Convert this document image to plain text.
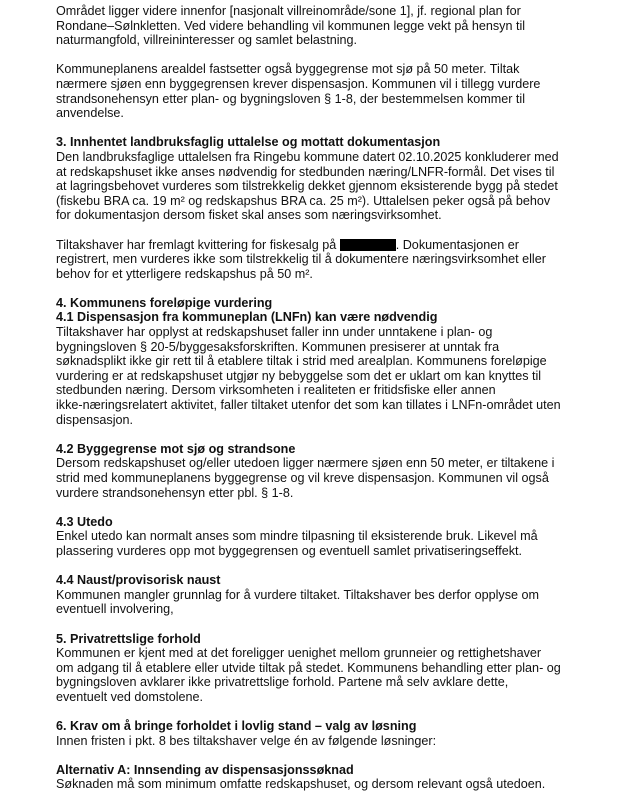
Området ligger videre innenfor [nasjonalt villreinområde/sone 1], jf. regional plan for
Rondane–Sølnkletten. Ved videre behandling vil kommunen legge vekt på hensyn til
naturmangfold, villreininteresser og samlet belastning.
Kommuneplanens arealdel fastsetter også byggegrense mot sjø på 50 meter. Tiltak
nærmere sjøen enn byggegrensen krever dispensasjon. Kommunen vil i tillegg vurdere
strandsonehensyn etter plan- og bygningsloven § 1-8, der bestemmelsen kommer til
anvendelse.
3. Innhentet landbruksfaglig uttalelse og mottatt dokumentasjon
Den landbruksfaglige uttalelsen fra Ringebu kommune datert 02.10.2025 konkluderer med
at redskapshuset ikke anses nødvendig for stedbunden næring/LNFR-formål. Det vises til
at lagringsbehovet vurderes som tilstrekkelig dekket gjennom eksisterende bygg på stedet
(fiskebu BRA ca. 19 m² og redskapshus BRA ca. 25 m²). Uttalelsen peker også på behov
for dokumentasjon dersom fisket skal anses som næringsvirksomhet.
Tiltakshaver har fremlagt kvittering for fiskesalg på	. Dokumentasjonen er
registrert, men vurderes ikke som tilstrekkelig til å dokumentere næringsvirksomhet eller
behov for et ytterligere redskapshus på 50 m².
4. Kommunens foreløpige vurdering
4.1 Dispensasjon fra kommuneplan (LNFn) kan være nødvendig
Tiltakshaver har opplyst at redskapshuset faller inn under unntakene i plan- og
bygningsloven § 20-5/byggesaksforskriften. Kommunen presiserer at unntak fra
søknadsplikt ikke gir rett til å etablere tiltak i strid med arealplan. Kommunens foreløpige
vurdering er at redskapshuset utgjør ny bebyggelse som det er uklart om kan knyttes til
stedbunden næring. Dersom virksomheten i realiteten er fritidsfiske eller annen
ikke-næringsrelatert aktivitet, faller tiltaket utenfor det som kan tillates i LNFn-området uten
dispensasjon.
4.2 Byggegrense mot sjø og strandsone
Dersom redskapshuset og/eller utedoen ligger nærmere sjøen enn 50 meter, er tiltakene i
strid med kommuneplanens byggegrense og vil kreve dispensasjon. Kommunen vil også
vurdere strandsonehensyn etter pbl. § 1-8.
4.3 Utedo
Enkel utedo kan normalt anses som mindre tilpasning til eksisterende bruk. Likevel må
plassering vurderes opp mot byggegrensen og eventuell samlet privatiseringseffekt.
4.4 Naust/provisorisk naust
Kommunen mangler grunnlag for å vurdere tiltaket. Tiltakshaver bes derfor opplyse om
eventuell involvering,
5. Privatrettslige forhold
Kommunen er kjent med at det foreligger uenighet mellom grunneier og rettighetshaver
om adgang til å etablere eller utvide tiltak på stedet. Kommunens behandling etter plan- og
bygningsloven avklarer ikke privatrettslige forhold. Partene må selv avklare dette,
eventuelt ved domstolene.
6. Krav om å bringe forholdet i lovlig stand – valg av løsning
Innen fristen i pkt. 8 bes tiltakshaver velge én av følgende løsninger:
Alternativ A: Innsending av dispensasjonssøknad
Søknaden må som minimum omfatte redskapshuset, og dersom relevant også utedoen.
